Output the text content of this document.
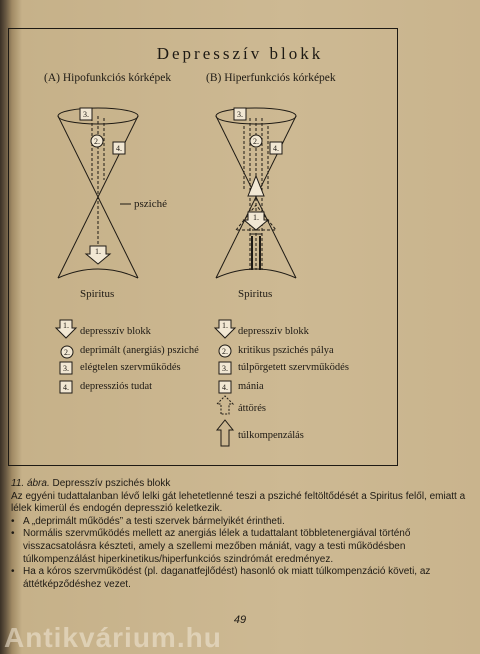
Depresszív blokk
(A) Hipofunkciós kórképek	(B) Hiperfunkciós kórképek
3.
2.
4.
1.
3.
2.
4.
1.
1.
2.
3.
4.
1.
2.
3.
4.
psziché
Spiritus	Spiritus
depresszív blokk
deprimált (anergiás) psziché
elégtelen szervműködés
depressziós tudat
depresszív blokk
kritikus pszichés pálya
túlpörgetett szervműködés
mánia
áttörés
túlkompenzálás

11. ábra. Depresszív pszichés blokk

Az egyéni tudattalanban lévő lelki gát lehetetlenné teszi a psziché feltöltődését a Spiritus felől, emiatt a lélek kimerül és endogén depresszió keletkezik.

• A „deprimált működés” a testi szervek bármelyikét érintheti.

• Normális szervműködés mellett az anergiás lélek a tudattalant többletenergiával történő visszacsatolásra készteti, amely a szellemi mezőben mániát, vagy a testi működésben túlkompenzálást hiperkinetikus/hiperfunkciós szindrómát eredményez.

• Ha a kóros szervműködést (pl. daganatfejlődést) hasonló ok miatt túlkompenzáció követi, az áttétképződéshez vezet.

49
Antikvárium.hu
